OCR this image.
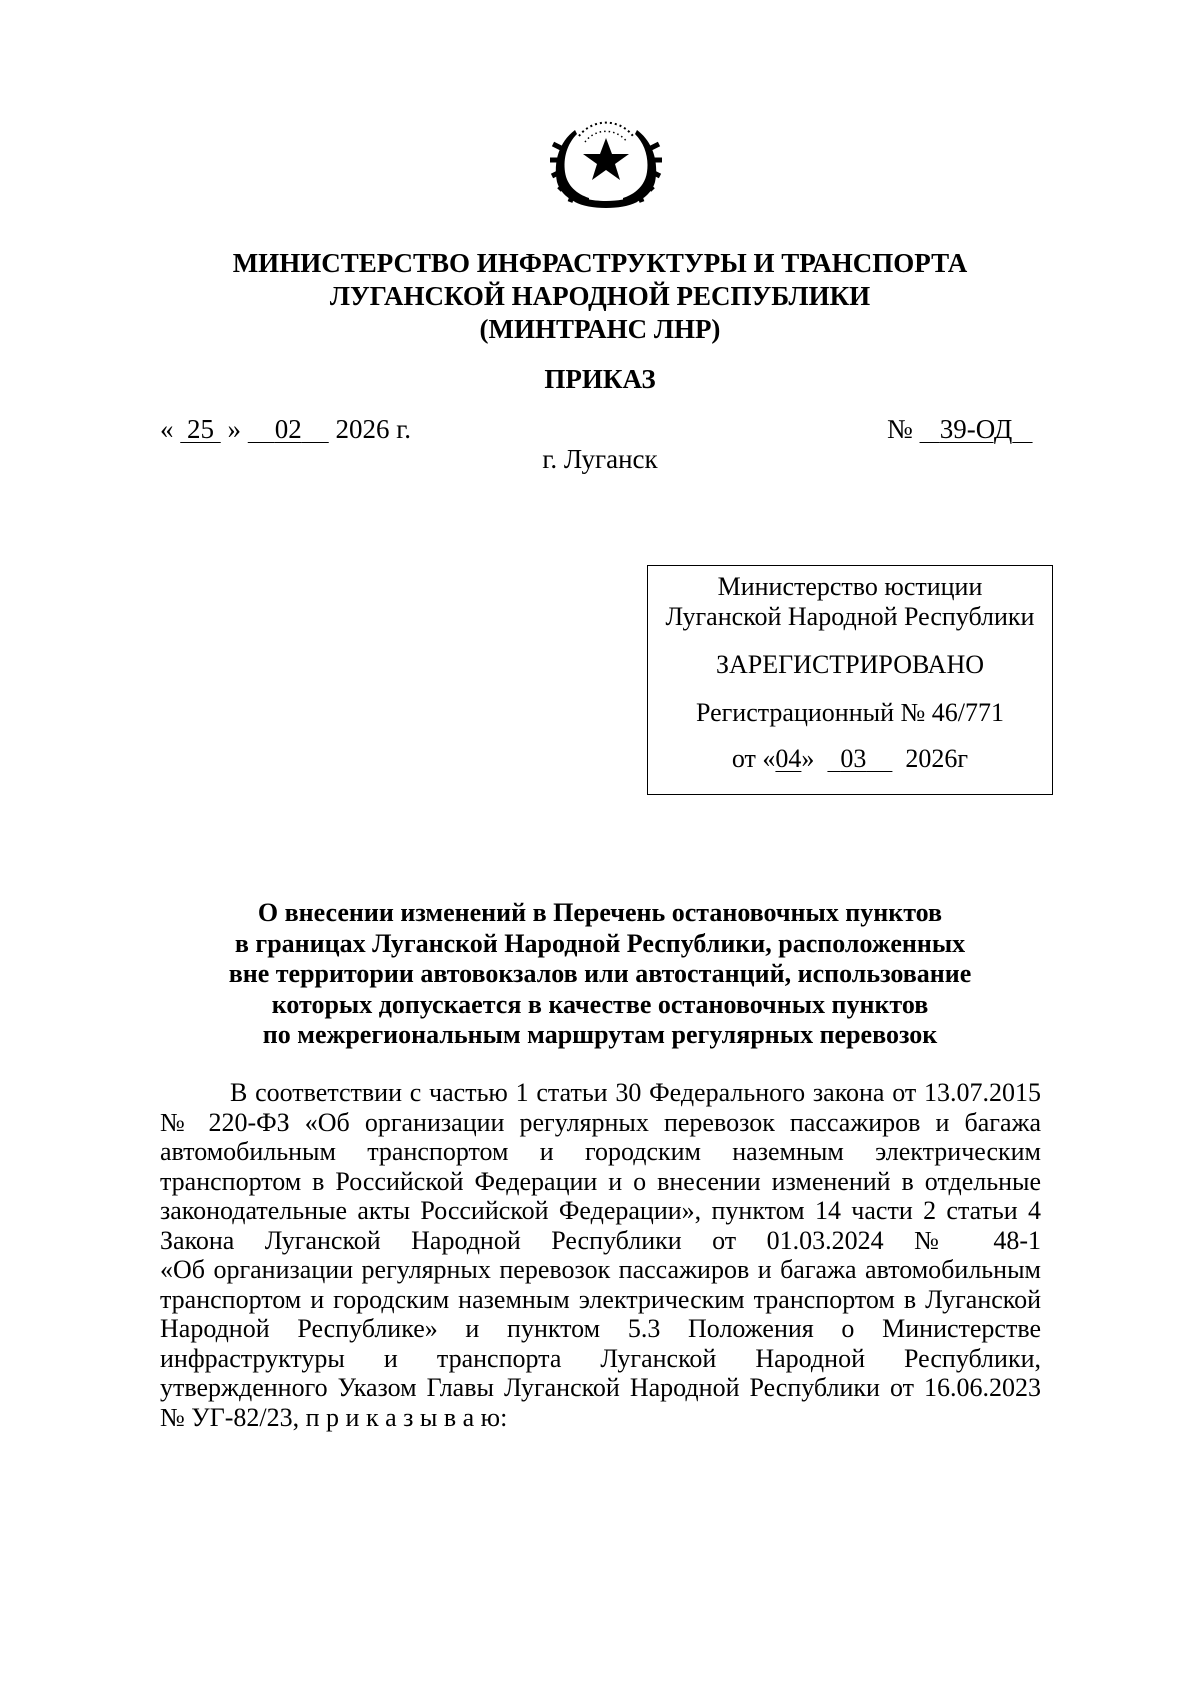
МИНИСТЕРСТВО ИНФРАСТРУКТУРЫ И ТРАНСПОРТА
ЛУГАНСКОЙ НАРОДНОЙ РЕСПУБЛИКИ
(МИНТРАНС ЛНР)
ПРИКАЗ
«  25  »     02 2026 г.	№ 39-ОД
г. Луганск
Министерство юстиции
Луганской Народной Республики
ЗАРЕГИСТРИРОВАНО
Регистрационный № 46/771
от «04»    03 2026г
О внесении изменений в Перечень остановочных пунктов
в границах Луганской Народной Республики, расположенных
вне территории автовокзалов или автостанций, использование
которых допускается в качестве остановочных пунктов
по межрегиональным маршрутам регулярных перевозок
В соответствии с частью 1 статьи 30 Федерального закона от 13.07.2015
№ 220-ФЗ «Об организации регулярных перевозок пассажиров и багажа
автомобильным транспортом и городским наземным электрическим
транспортом в Российской Федерации и о внесении изменений в отдельные
законодательные акты Российской Федерации», пунктом 14 части 2 статьи 4
Закона Луганской Народной Республики от 01.03.2024 № 48-1
«Об организации регулярных перевозок пассажиров и багажа автомобильным
транспортом и городским наземным электрическим транспортом в Луганской
Народной Республике» и пунктом 5.3 Положения о Министерстве
инфраструктуры и транспорта Луганской Народной Республики,
утвержденного Указом Главы Луганской Народной Республики от 16.06.2023
№ УГ-82/23, п р и к а з ы в а ю:
